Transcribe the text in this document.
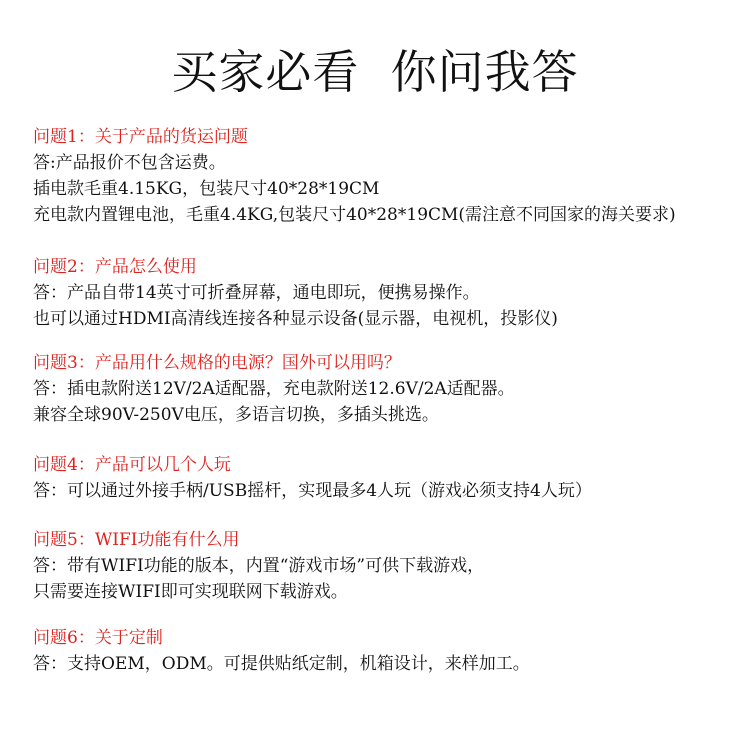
买家必看  你问我答
问题1：关于产品的货运问题
答:产品报价不包含运费。
插电款毛重4.15KG，包装尺寸40*28*19CM
充电款内置锂电池，毛重4.4KG,包装尺寸40*28*19CM(需注意不同国家的海关要求)
问题2：产品怎么使用
答：产品自带14英寸可折叠屏幕，通电即玩，便携易操作。
也可以通过HDMI高清线连接各种显示设备(显示器，电视机，投影仪)
问题3：产品用什么规格的电源？国外可以用吗？
答：插电款附送12V/2A适配器，充电款附送12.6V/2A适配器。
兼容全球90V-250V电压，多语言切换，多插头挑选。
问题4：产品可以几个人玩
答：可以通过外接手柄/USB摇杆，实现最多4人玩（游戏必须支持4人玩）
问题5：WIFI功能有什么用
答：带有WIFI功能的版本，内置“游戏市场”可供下载游戏，
只需要连接WIFI即可实现联网下载游戏。
问题6：关于定制
答：支持OEM，ODM。可提供贴纸定制，机箱设计，来样加工。
